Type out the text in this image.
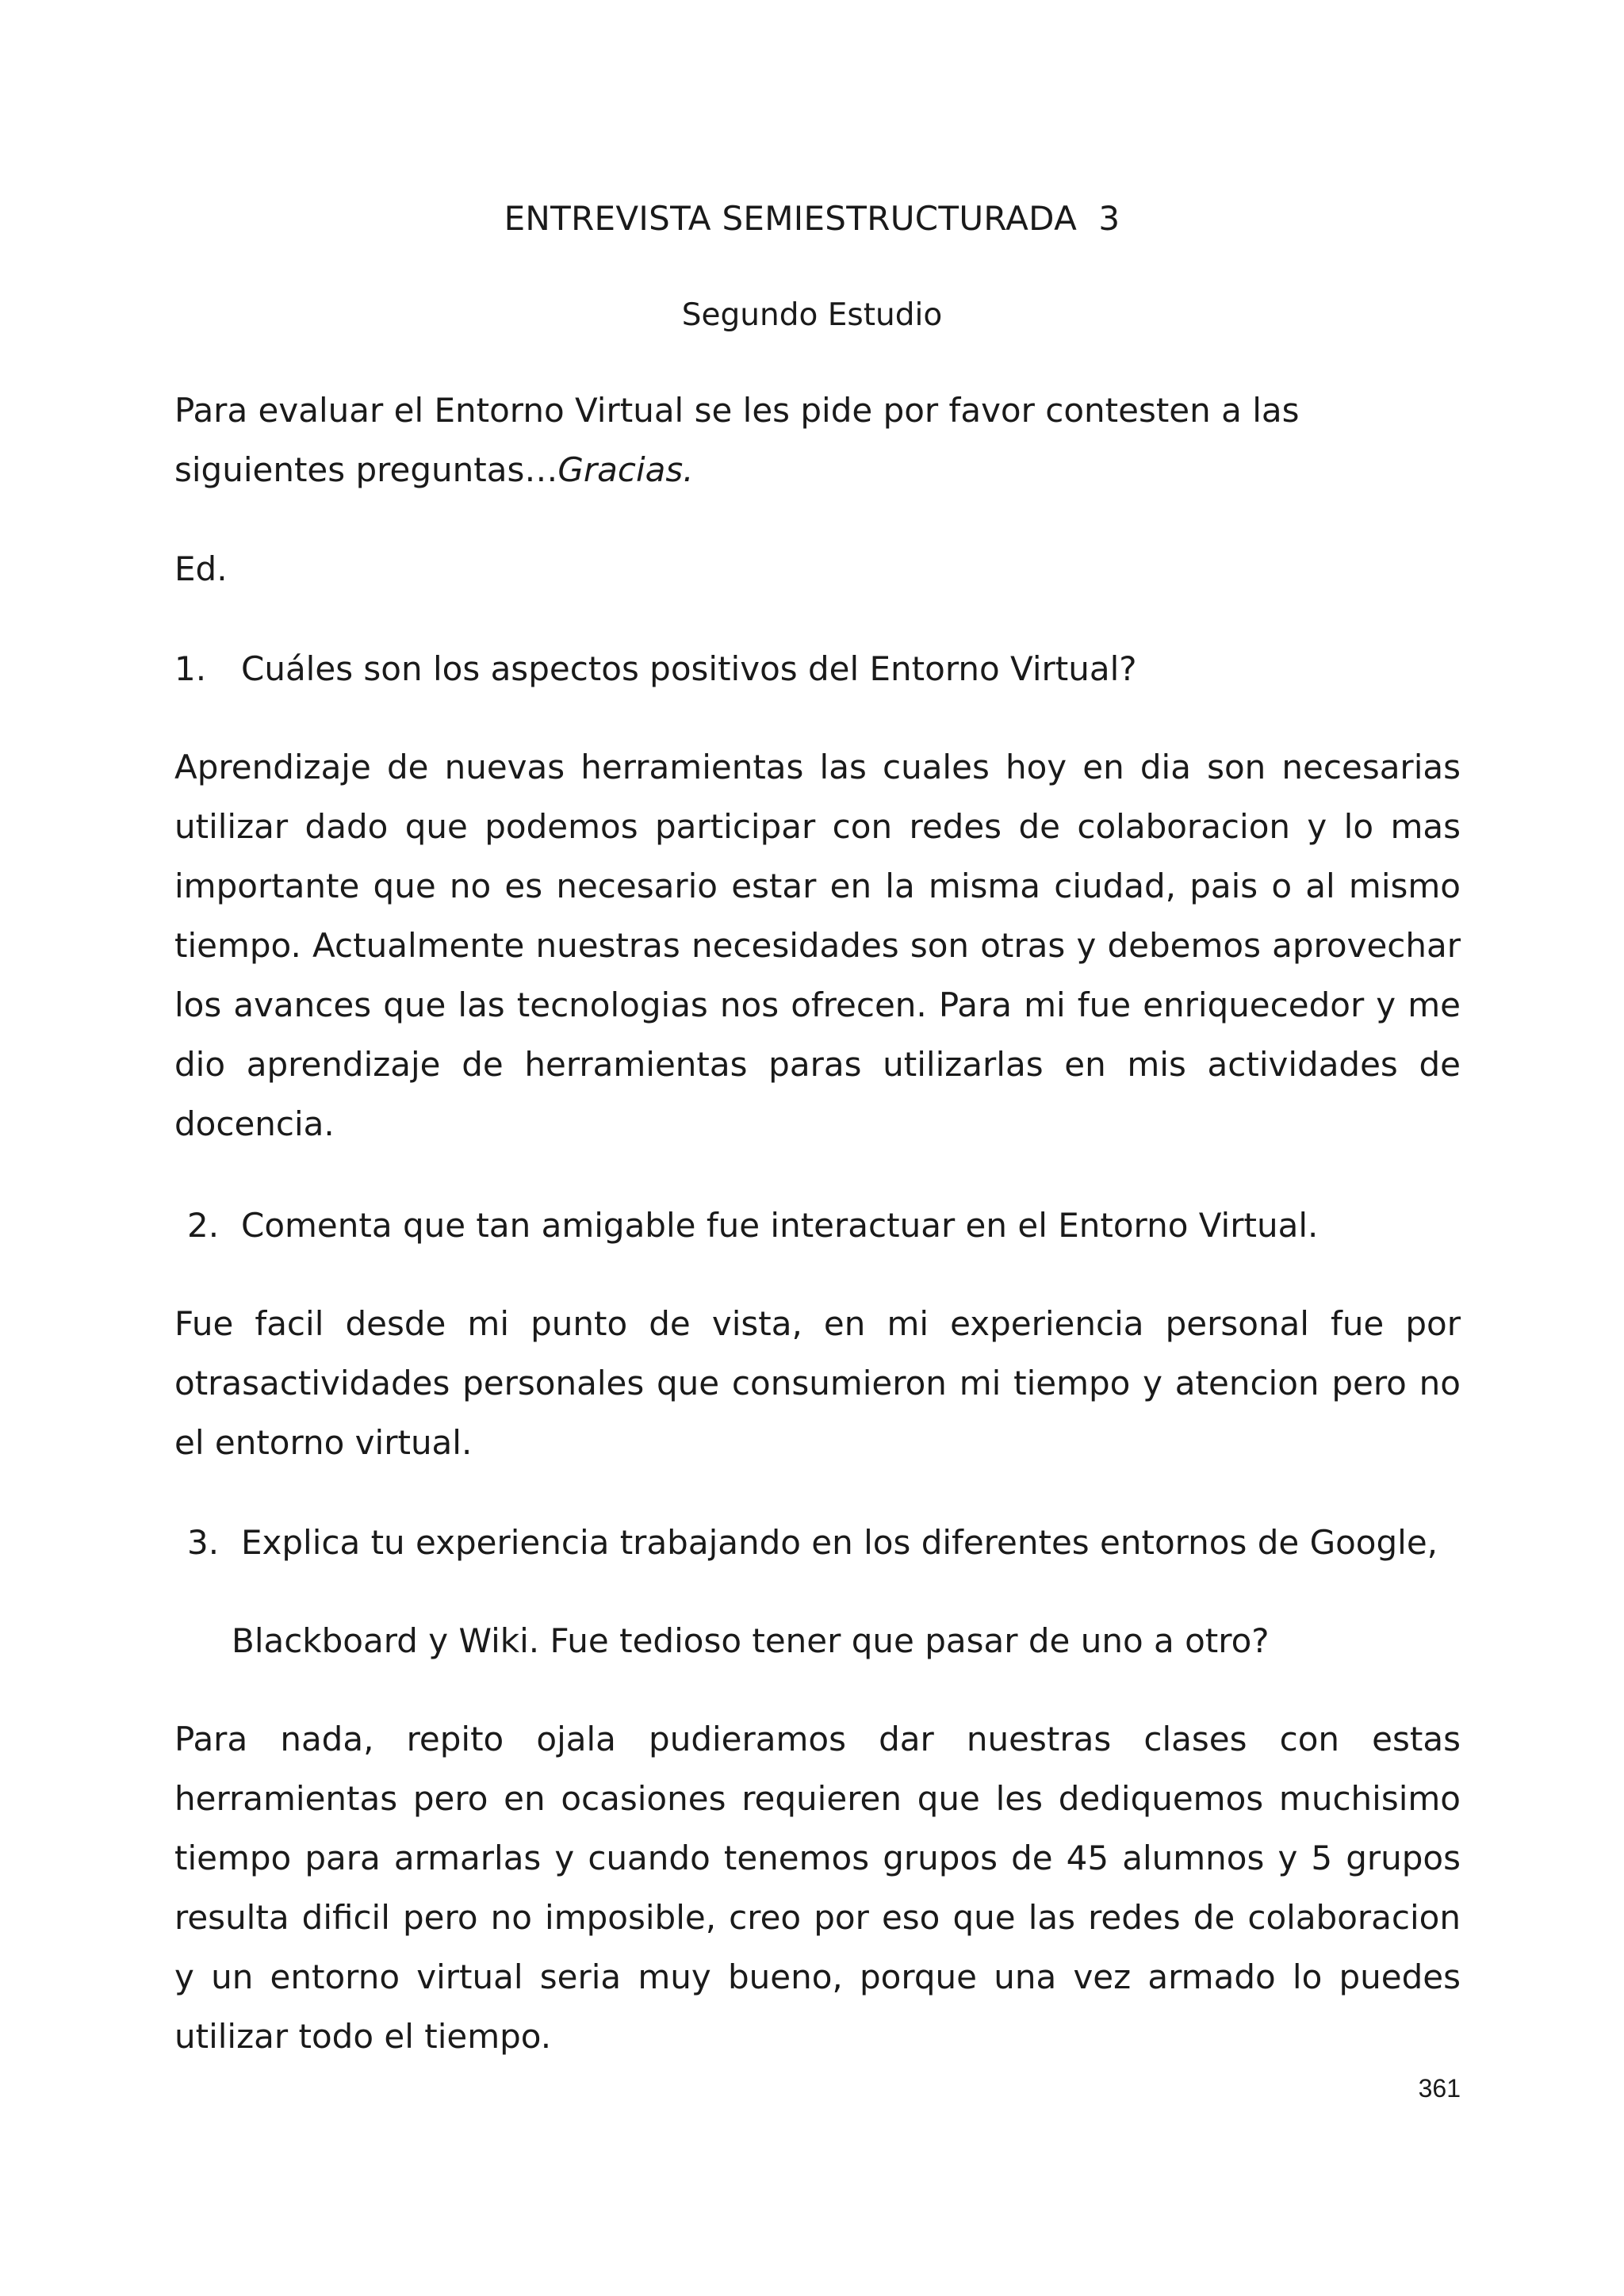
ENTREVISTA SEMIESTRUCTURADA  3
Segundo Estudio
Para evaluar el Entorno Virtual se les pide por favor contesten a las siguientes preguntas…Gracias.
Ed.
1. Cuáles son los aspectos positivos del Entorno Virtual?
Aprendizaje de nuevas herramientas las cuales hoy en dia son necesarias utilizar dado que podemos participar con redes de colaboracion y lo mas importante que no es necesario estar en la misma ciudad, pais o al mismo tiempo. Actualmente nuestras necesidades son otras y debemos aprovechar los avances que las tecnologias nos ofrecen. Para mi fue enriquecedor y me dio aprendizaje de herramientas paras utilizarlas en mis actividades de docencia.
2. Comenta que tan amigable fue interactuar en el Entorno Virtual.
Fue facil desde mi punto de vista, en mi experiencia personal fue por otrasactividades personales que consumieron mi tiempo y atencion pero no el entorno virtual.
3. Explica tu experiencia trabajando en los diferentes entornos de Google,
Blackboard y Wiki. Fue tedioso tener que pasar de uno a otro?
Para nada, repito ojala pudieramos dar nuestras clases con estas herramientas pero en ocasiones requieren que les dediquemos muchisimo tiempo para armarlas y cuando tenemos grupos de 45 alumnos y 5 grupos resulta dificil pero no imposible, creo por eso que las redes de colaboracion y un entorno virtual seria muy bueno, porque una vez armado lo puedes utilizar todo el tiempo.
361
